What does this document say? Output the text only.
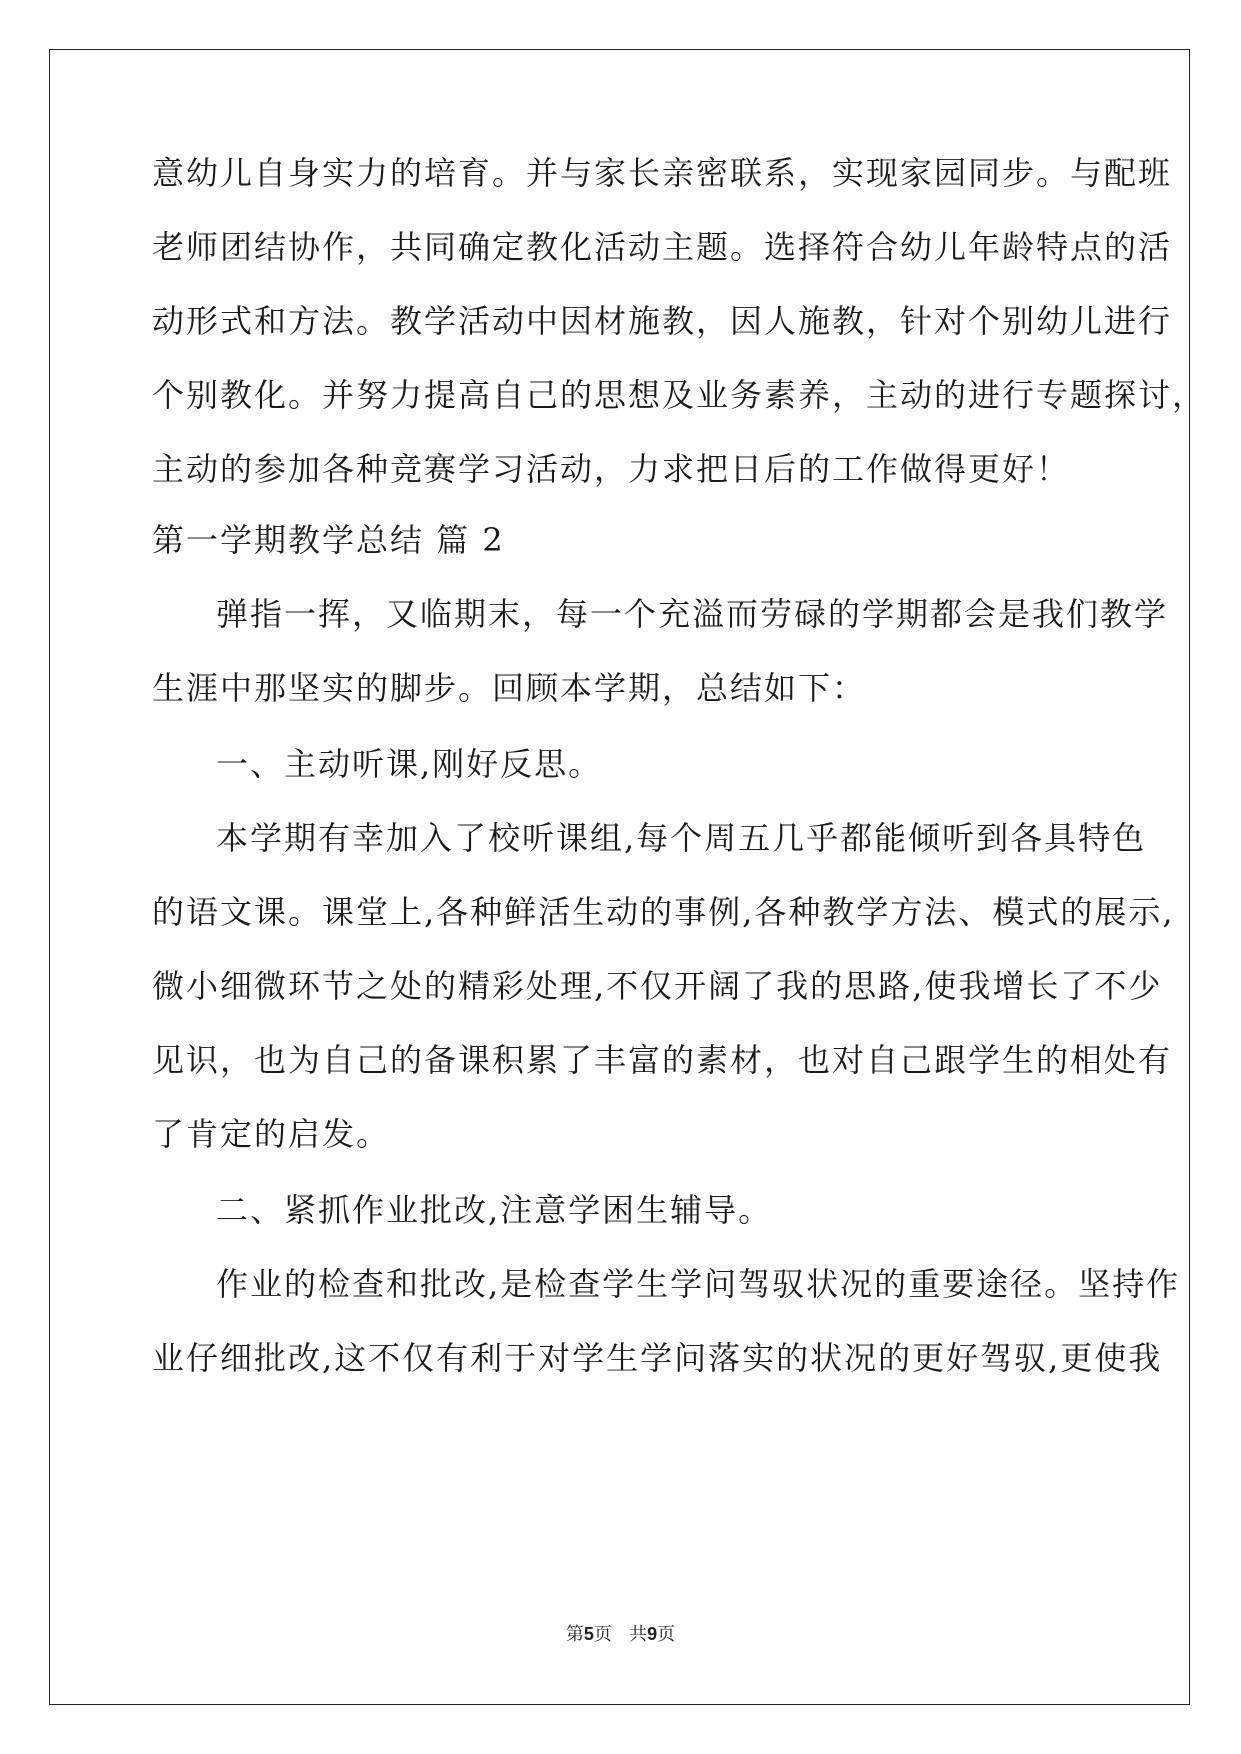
意幼儿自身实力的培育。并与家长亲密联系，实现家园同步。与配班
老师团结协作，共同确定教化活动主题。选择符合幼儿年龄特点的活
动形式和方法。教学活动中因材施教，因人施教，针对个别幼儿进行
个别教化。并努力提高自己的思想及业务素养，主动的进行专题探讨，
主动的参加各种竞赛学习活动，力求把日后的工作做得更好！
第一学期教学总结 篇 2
弹指一挥，又临期末，每一个充溢而劳碌的学期都会是我们教学
生涯中那坚实的脚步。回顾本学期，总结如下：
一、主动听课,刚好反思。
本学期有幸加入了校听课组,每个周五几乎都能倾听到各具特色
的语文课。课堂上,各种鲜活生动的事例,各种教学方法、模式的展示,
微小细微环节之处的精彩处理,不仅开阔了我的思路,使我增长了不少
见识，也为自己的备课积累了丰富的素材，也对自己跟学生的相处有
了肯定的启发。
二、紧抓作业批改,注意学困生辅导。
作业的检查和批改,是检查学生学问驾驭状况的重要途径。坚持作
业仔细批改,这不仅有利于对学生学问落实的状况的更好驾驭,更使我
第5页 共9页
